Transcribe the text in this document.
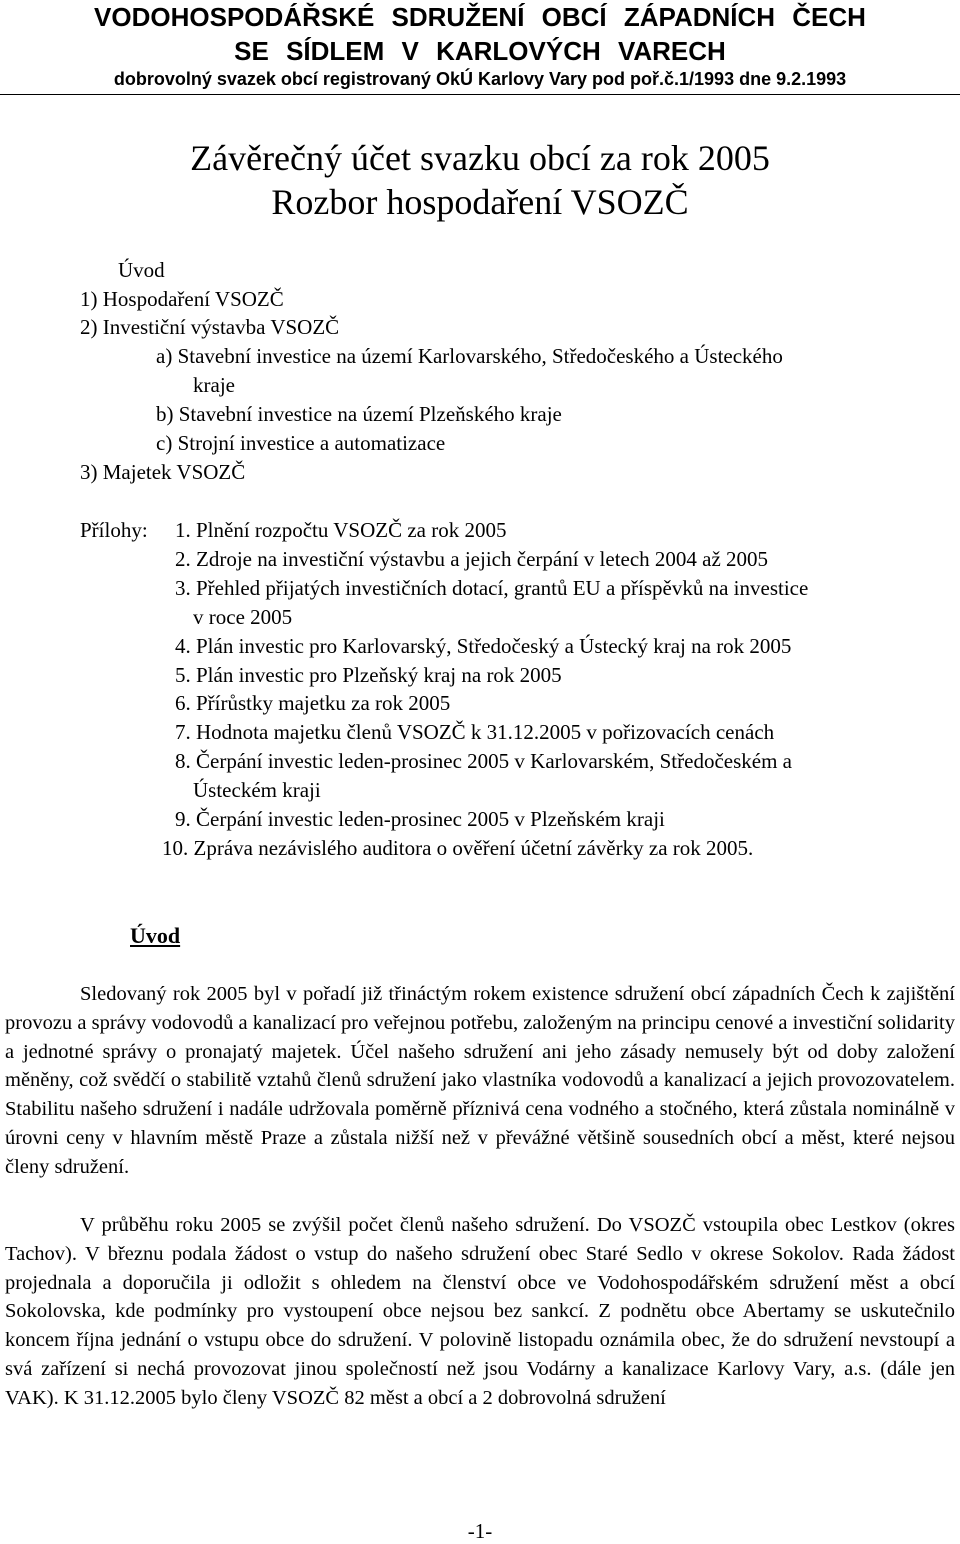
VODOHOSPODÁŘSKÉ SDRUŽENÍ OBCÍ ZÁPADNÍCH ČECH
SE SÍDLEM V KARLOVÝCH VARECH
dobrovolný svazek obcí registrovaný OkÚ Karlovy Vary pod poř.č.1/1993 dne 9.2.1993
Závěrečný účet svazku obcí za rok 2005
Rozbor hospodaření VSOZČ
Úvod
1) Hospodaření VSOZČ
2) Investiční výstavba VSOZČ
a) Stavební investice na území Karlovarského, Středočeského a Ústeckého
kraje
b) Stavební investice na území Plzeňského kraje
c) Strojní investice a automatizace
3) Majetek VSOZČ
Přílohy: 1. Plnění rozpočtu VSOZČ za rok 2005
2. Zdroje na investiční výstavbu a jejich čerpání v letech 2004 až 2005
3. Přehled přijatých investičních dotací, grantů EU a příspěvků na investice
v roce 2005
4. Plán investic pro Karlovarský, Středočeský a Ústecký kraj na rok 2005
5. Plán investic pro Plzeňský kraj na rok 2005
6. Přírůstky majetku za rok 2005
7. Hodnota majetku členů VSOZČ k 31.12.2005 v pořizovacích cenách
8. Čerpání investic leden-prosinec 2005 v Karlovarském, Středočeském a
Ústeckém kraji
9. Čerpání investic leden-prosinec 2005 v Plzeňském kraji
10. Zpráva nezávislého auditora o ověření účetní závěrky za rok 2005.
Úvod

Sledovaný rok 2005 byl v pořadí již třináctým rokem existence sdružení obcí západních Čech k zajištění provozu a správy vodovodů a kanalizací pro veřejnou potřebu, založeným na principu cenové a investiční solidarity a jednotné správy o pronajatý majetek. Účel našeho sdružení ani jeho zásady nemusely být od doby založení měněny, což svědčí o stabilitě vztahů členů sdružení jako vlastníka vodovodů a kanalizací a jejich provozovatelem. Stabilitu našeho sdružení i nadále udržovala poměrně příznivá cena vodného a stočného, která zůstala nominálně v úrovni ceny v hlavním městě Praze a zůstala nižší než v převážné většině sousedních obcí a měst, které nejsou členy sdružení.

V průběhu roku 2005 se zvýšil počet členů našeho sdružení. Do VSOZČ vstoupila obec Lestkov (okres Tachov). V březnu podala žádost o vstup do našeho sdružení obec Staré Sedlo v okrese Sokolov. Rada žádost projednala a doporučila ji odložit s ohledem na členství obce ve Vodohospodářském sdružení měst a obcí Sokolovska, kde podmínky pro vystoupení obce nejsou bez sankcí. Z podnětu obce Abertamy se uskutečnilo koncem října jednání o vstupu obce do sdružení. V polovině listopadu oznámila obec, že do sdružení nevstoupí a svá zařízení si nechá provozovat jinou společností než jsou Vodárny a kanalizace Karlovy Vary, a.s. (dále jen VAK). K 31.12.2005 bylo členy VSOZČ 82 měst a obcí a 2 dobrovolná sdružení

-1-
